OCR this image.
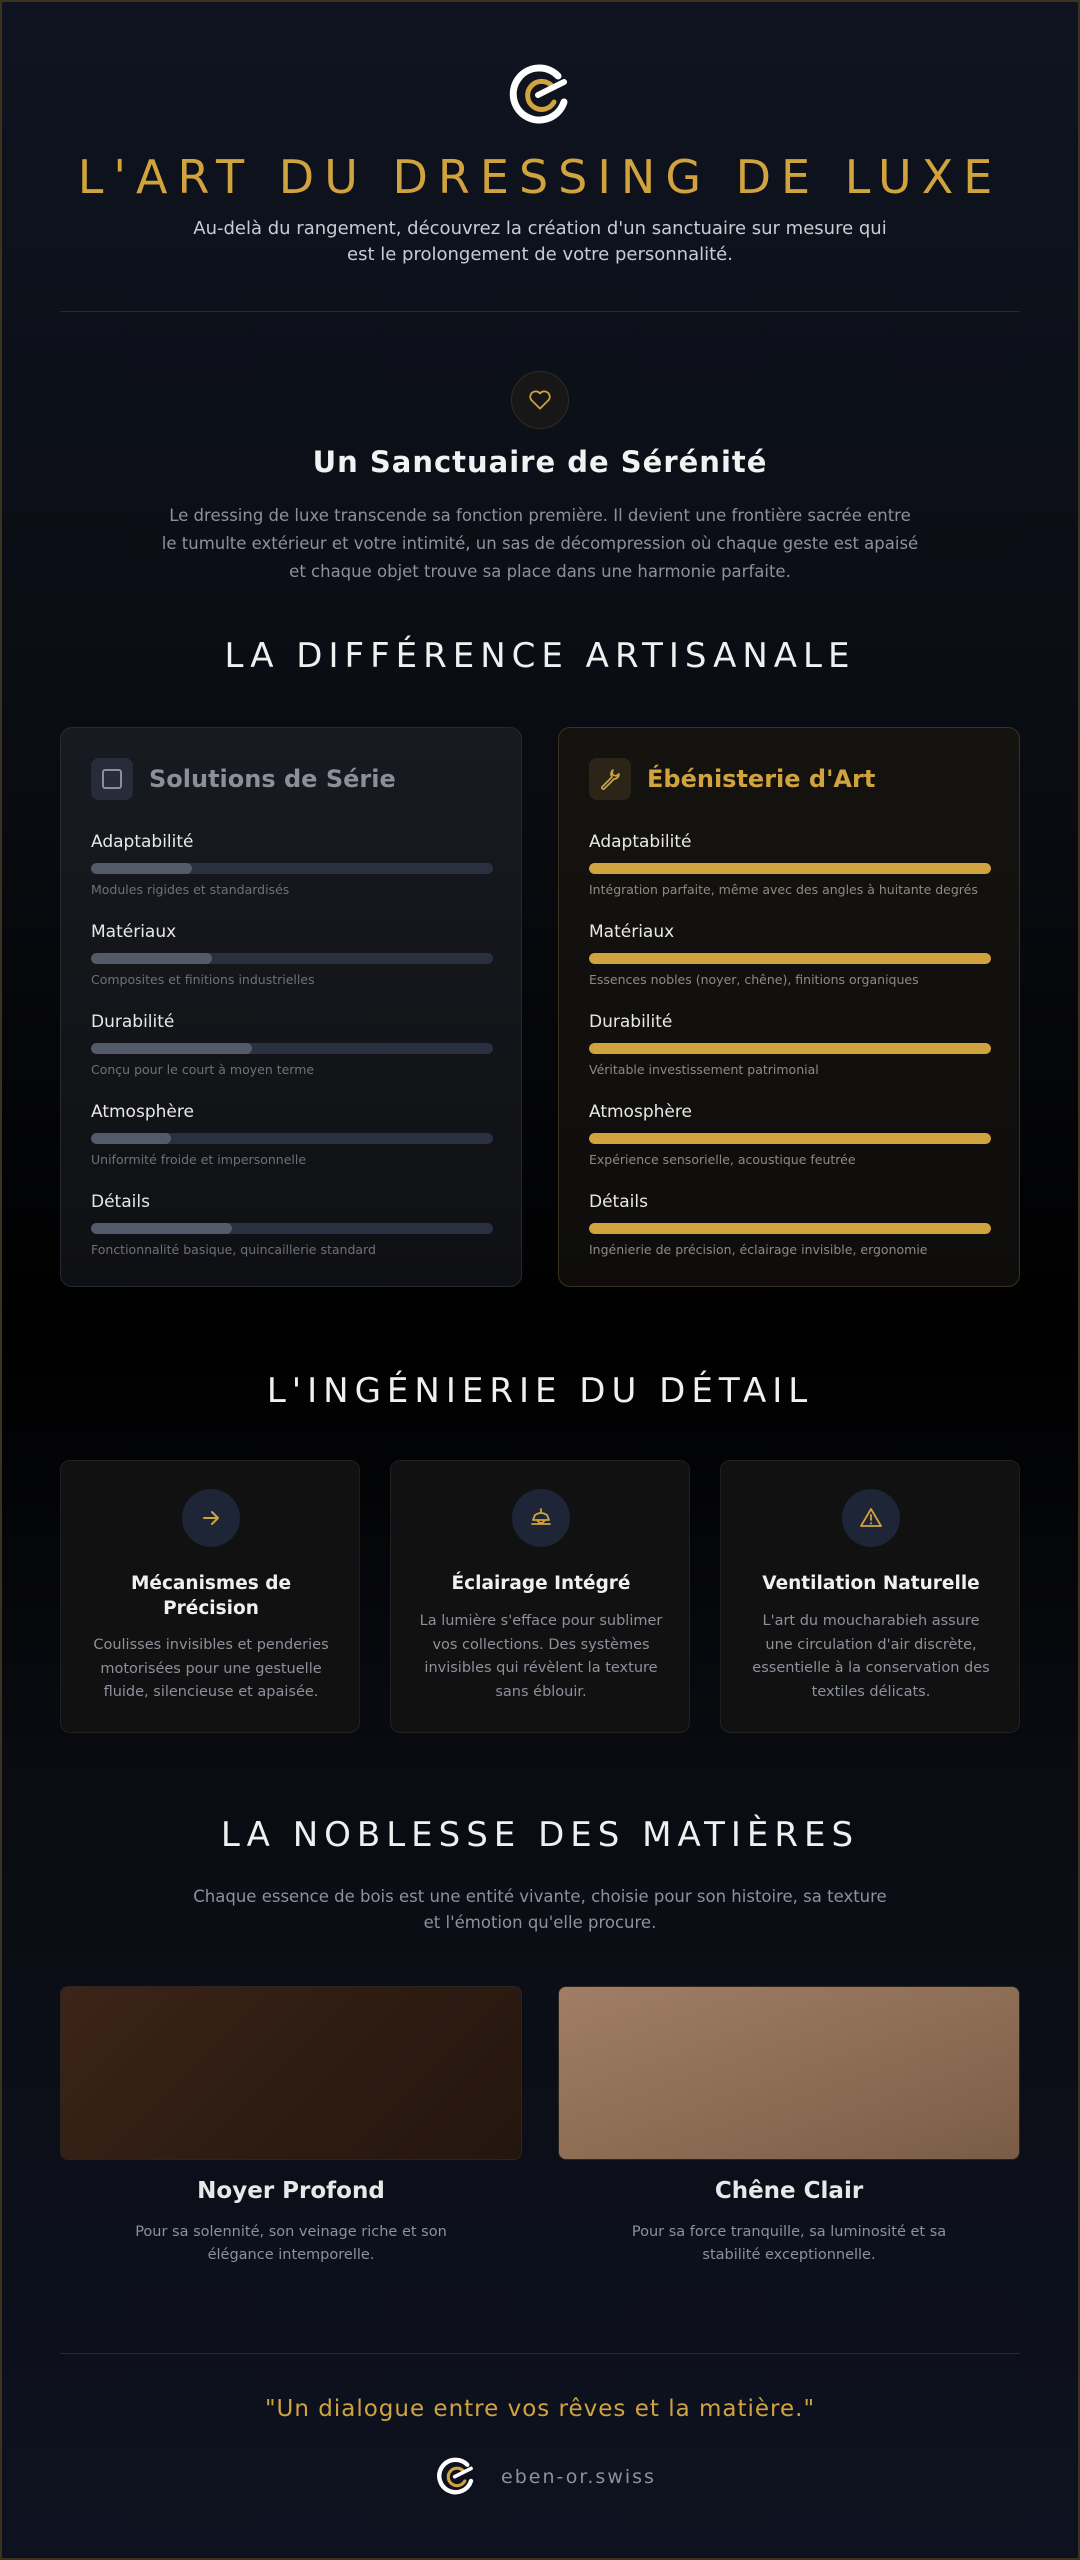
L'ART DU DRESSING DE LUXE

Au-delà du rangement, découvrez la création d'un sanctuaire sur mesure qui est le prolongement de votre personnalité.

Un Sanctuaire de Sérénité

Le dressing de luxe transcende sa fonction première. Il devient une frontière sacrée entre le tumulte extérieur et votre intimité, un sas de décompression où chaque geste est apaisé et chaque objet trouve sa place dans une harmonie parfaite.

LA DIFFÉRENCE ARTISANALE
Solutions de Série
Adaptabilité
Modules rigides et standardisés
Matériaux
Composites et finitions industrielles
Durabilité
Conçu pour le court à moyen terme
Atmosphère
Uniformité froide et impersonnelle
Détails
Fonctionnalité basique, quincaillerie standard
Ébénisterie d'Art
Adaptabilité
Intégration parfaite, même avec des angles à huitante degrés
Matériaux
Essences nobles (noyer, chêne), finitions organiques
Durabilité
Véritable investissement patrimonial
Atmosphère
Expérience sensorielle, acoustique feutrée
Détails
Ingénierie de précision, éclairage invisible, ergonomie
L'INGÉNIERIE DU DÉTAIL
Mécanismes de Précision
Coulisses invisibles et penderies motorisées pour une gestuelle fluide, silencieuse et apaisée.
Éclairage Intégré
La lumière s'efface pour sublimer vos collections. Des systèmes invisibles qui révèlent la texture sans éblouir.
Ventilation Naturelle
L'art du moucharabieh assure une circulation d'air discrète, essentielle à la conservation des textiles délicats.
LA NOBLESSE DES MATIÈRES

Chaque essence de bois est une entité vivante, choisie pour son histoire, sa texture et l'émotion qu'elle procure.

Noyer Profond	Chêne Clair
Pour sa solennité, son veinage riche et son élégance intemporelle.
Pour sa force tranquille, sa luminosité et sa stabilité exceptionnelle.

"Un dialogue entre vos rêves et la matière."

eben-or.swiss
